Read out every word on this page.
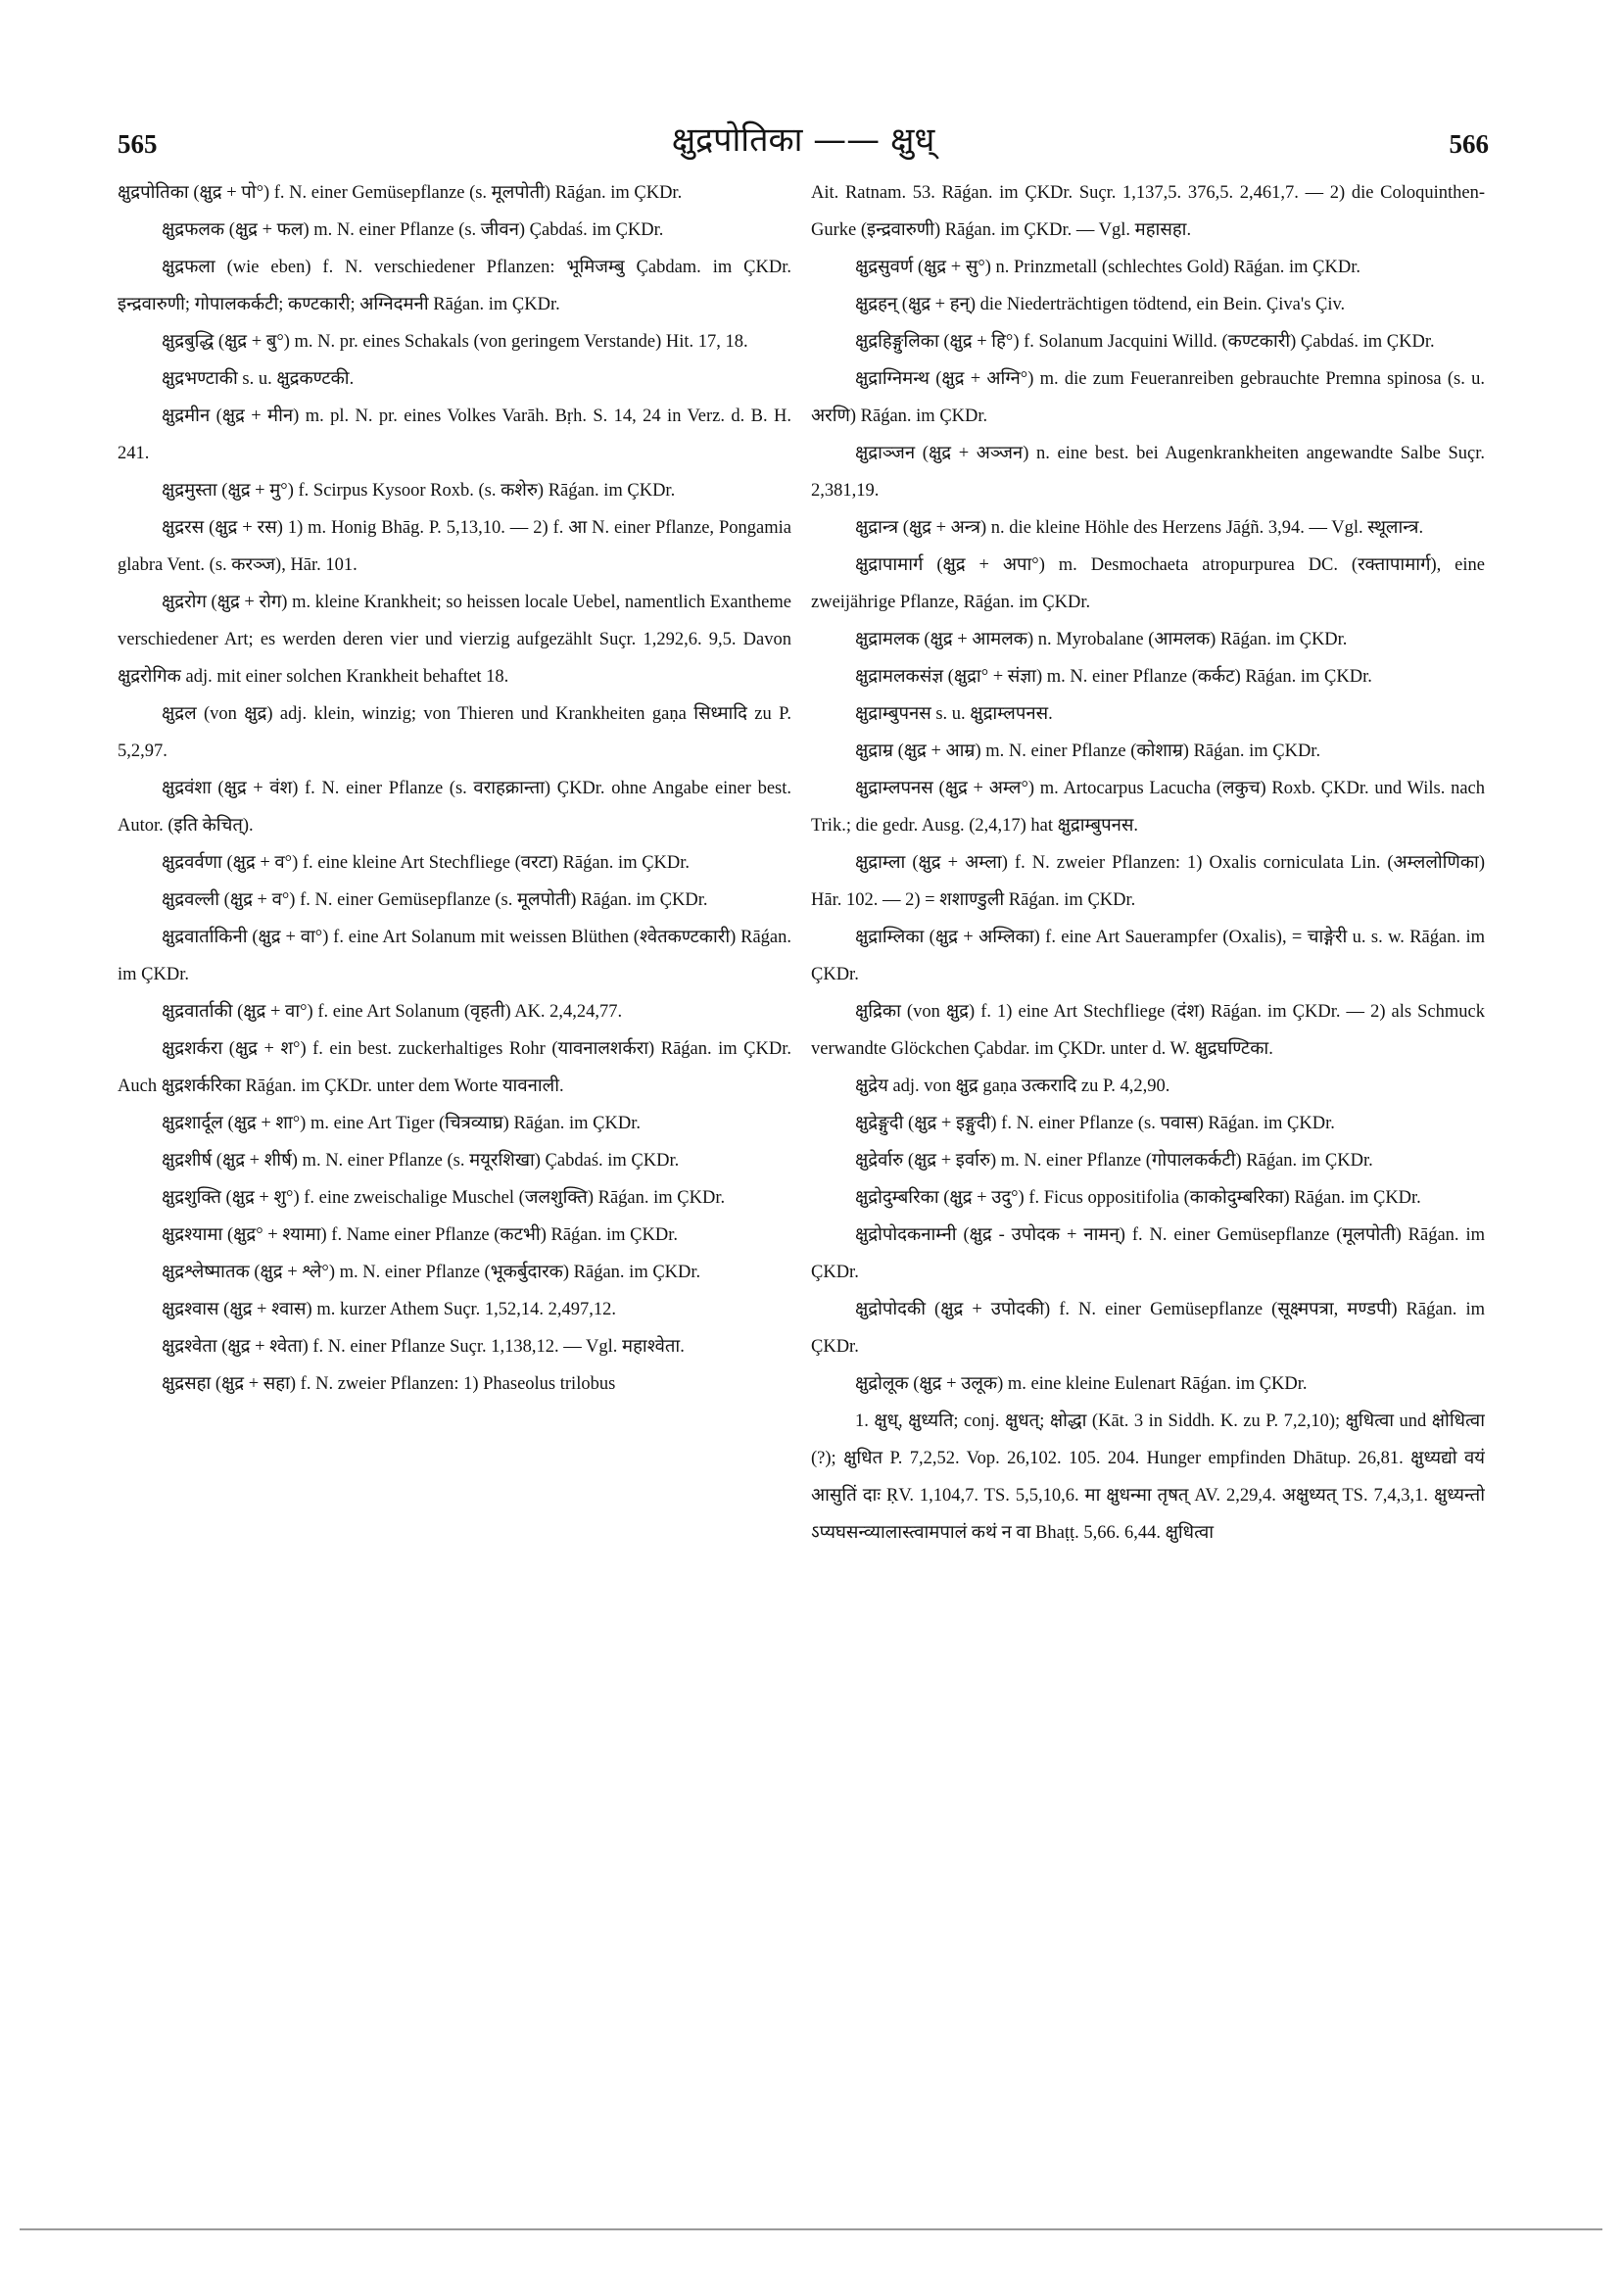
565	क्षुद्रपोतिका —— क्षुध्	566

क्षुद्रपोतिका (क्षुद्र + पो°) f. N. einer Gemüsepflanze (s. मूलपोती) Rāǵan. im ÇKDr.

क्षुद्रफलक (क्षुद्र + फल) m. N. einer Pflanze (s. जीवन) Çabdaś. im ÇKDr.

क्षुद्रफला (wie eben) f. N. verschiedener Pflanzen: भूमिजम्बु Çabdam. im ÇKDr. इन्द्रवारुणी; गोपालकर्कटी; कण्टकारी; अग्निदमनी Rāǵan. im ÇKDr.

क्षुद्रबुद्धि (क्षुद्र + बु°) m. N. pr. eines Schakals (von geringem Verstande) Hit. 17, 18.

क्षुद्रभण्टाकी s. u. क्षुद्रकण्टकी.

क्षुद्रमीन (क्षुद्र + मीन) m. pl. N. pr. eines Volkes Varāh. Bṛh. S. 14, 24 in Verz. d. B. H. 241.

क्षुद्रमुस्ता (क्षुद्र + मु°) f. Scirpus Kysoor Roxb. (s. कशेरु) Rāǵan. im ÇKDr.

क्षुद्ररस (क्षुद्र + रस) 1) m. Honig Bhāg. P. 5,13,10. — 2) f. आ N. einer Pflanze, Pongamia glabra Vent. (s. करञ्ज), Hār. 101.

क्षुद्ररोग (क्षुद्र + रोग) m. kleine Krankheit; so heissen locale Uebel, namentlich Exantheme verschiedener Art; es werden deren vier und vierzig aufgezählt Suçr. 1,292,6. 9,5. Davon क्षुद्ररोगिक adj. mit einer solchen Krankheit behaftet 18.

क्षुद्रल (von क्षुद्र) adj. klein, winzig; von Thieren und Krankheiten gaṇa सिध्मादि zu P. 5,2,97.

क्षुद्रवंशा (क्षुद्र + वंश) f. N. einer Pflanze (s. वराहक्रान्ता) ÇKDr. ohne Angabe einer best. Autor. (इति केचित्).

क्षुद्रवर्वणा (क्षुद्र + व°) f. eine kleine Art Stechfliege (वरटा) Rāǵan. im ÇKDr.

क्षुद्रवल्ली (क्षुद्र + व°) f. N. einer Gemüsepflanze (s. मूलपोती) Rāǵan. im ÇKDr.

क्षुद्रवार्ताकिनी (क्षुद्र + वा°) f. eine Art Solanum mit weissen Blüthen (श्वेतकण्टकारी) Rāǵan. im ÇKDr.

क्षुद्रवार्ताकी (क्षुद्र + वा°) f. eine Art Solanum (वृहती) AK. 2,4,24,77.

क्षुद्रशर्करा (क्षुद्र + श°) f. ein best. zuckerhaltiges Rohr (यावनालशर्करा) Rāǵan. im ÇKDr. Auch क्षुद्रशर्करिका Rāǵan. im ÇKDr. unter dem Worte यावनाली.

क्षुद्रशार्दूल (क्षुद्र + शा°) m. eine Art Tiger (चित्रव्याघ्र) Rāǵan. im ÇKDr.

क्षुद्रशीर्ष (क्षुद्र + शीर्ष) m. N. einer Pflanze (s. मयूरशिखा) Çabdaś. im ÇKDr.

क्षुद्रशुक्ति (क्षुद्र + शु°) f. eine zweischalige Muschel (जलशुक्ति) Rāǵan. im ÇKDr.

क्षुद्रश्यामा (क्षुद्र° + श्यामा) f. Name einer Pflanze (कटभी) Rāǵan. im ÇKDr.

क्षुद्रश्लेष्मातक (क्षुद्र + श्ले°) m. N. einer Pflanze (भूकर्बुदारक) Rāǵan. im ÇKDr.

क्षुद्रश्वास (क्षुद्र + श्वास) m. kurzer Athem Suçr. 1,52,14. 2,497,12.

क्षुद्रश्वेता (क्षुद्र + श्वेता) f. N. einer Pflanze Suçr. 1,138,12. — Vgl. महाश्वेता.

क्षुद्रसहा (क्षुद्र + सहा) f. N. zweier Pflanzen: 1) Phaseolus trilobus

Ait. Ratnam. 53. Rāǵan. im ÇKDr. Suçr. 1,137,5. 376,5. 2,461,7. — 2) die Coloquinthen-Gurke (इन्द्रवारुणी) Rāǵan. im ÇKDr. — Vgl. महासहा.

क्षुद्रसुवर्ण (क्षुद्र + सु°) n. Prinzmetall (schlechtes Gold) Rāǵan. im ÇKDr.

क्षुद्रहन् (क्षुद्र + हन्) die Niederträchtigen tödtend, ein Bein. Çiva's Çiv.

क्षुद्रहिङ्गुलिका (क्षुद्र + हि°) f. Solanum Jacquini Willd. (कण्टकारी) Çabdaś. im ÇKDr.

क्षुद्राग्निमन्थ (क्षुद्र + अग्नि°) m. die zum Feueranreiben gebrauchte Premna spinosa (s. u. अरणि) Rāǵan. im ÇKDr.

क्षुद्राञ्जन (क्षुद्र + अञ्जन) n. eine best. bei Augenkrankheiten angewandte Salbe Suçr. 2,381,19.

क्षुद्रान्त्र (क्षुद्र + अन्त्र) n. die kleine Höhle des Herzens Jāǵñ. 3,94. — Vgl. स्थूलान्त्र.

क्षुद्रापामार्ग (क्षुद्र + अपा°) m. Desmochaeta atropurpurea DC. (रक्तापामार्ग), eine zweijährige Pflanze, Rāǵan. im ÇKDr.

क्षुद्रामलक (क्षुद्र + आमलक) n. Myrobalane (आमलक) Rāǵan. im ÇKDr.

क्षुद्रामलकसंज्ञ (क्षुद्रा° + संज्ञा) m. N. einer Pflanze (कर्कट) Rāǵan. im ÇKDr.

क्षुद्राम्बुपनस s. u. क्षुद्राम्लपनस.

क्षुद्राम्र (क्षुद्र + आम्र) m. N. einer Pflanze (कोशाम्र) Rāǵan. im ÇKDr.

क्षुद्राम्लपनस (क्षुद्र + अम्ल°) m. Artocarpus Lacucha (लकुच) Roxb. ÇKDr. und Wils. nach Trik.; die gedr. Ausg. (2,4,17) hat क्षुद्राम्बुपनस.

क्षुद्राम्ला (क्षुद्र + अम्ला) f. N. zweier Pflanzen: 1) Oxalis corniculata Lin. (अम्ललोणिका) Hār. 102. — 2) = शशाण्डुली Rāǵan. im ÇKDr.

क्षुद्राम्लिका (क्षुद्र + अम्लिका) f. eine Art Sauerampfer (Oxalis), = चाङ्गेरी u. s. w. Rāǵan. im ÇKDr.

क्षुद्रिका (von क्षुद्र) f. 1) eine Art Stechfliege (दंश) Rāǵan. im ÇKDr. — 2) als Schmuck verwandte Glöckchen Çabdar. im ÇKDr. unter d. W. क्षुद्रघण्टिका.

क्षुद्रेय adj. von क्षुद्र gaṇa उत्करादि zu P. 4,2,90.

क्षुद्रेङ्गुदी (क्षुद्र + इङ्गुदी) f. N. einer Pflanze (s. पवास) Rāǵan. im ÇKDr.

क्षुद्रेर्वारु (क्षुद्र + इर्वारु) m. N. einer Pflanze (गोपालकर्कटी) Rāǵan. im ÇKDr.

क्षुद्रोदुम्बरिका (क्षुद्र + उदु°) f. Ficus oppositifolia (काकोदुम्बरिका) Rāǵan. im ÇKDr.

क्षुद्रोपोदकनाम्नी (क्षुद्र - उपोदक + नामन्) f. N. einer Gemüsepflanze (मूलपोती) Rāǵan. im ÇKDr.

क्षुद्रोपोदकी (क्षुद्र + उपोदकी) f. N. einer Gemüsepflanze (सूक्ष्मपत्रा, मण्डपी) Rāǵan. im ÇKDr.

क्षुद्रोलूक (क्षुद्र + उलूक) m. eine kleine Eulenart Rāǵan. im ÇKDr.

1. क्षुध्, क्षुध्यति; conj. क्षुधत्; क्षोद्धा (Kāt. 3 in Siddh. K. zu P. 7,2,10); क्षुधित्वा und क्षोधित्वा (?); क्षुधित P. 7,2,52. Vop. 26,102. 105. 204. Hunger empfinden Dhātup. 26,81. क्षुध्यद्यो वयं आसुतिं दाः ṚV. 1,104,7. TS. 5,5,10,6. मा क्षुधन्मा तृषत् AV. 2,29,4. अक्षुध्यत् TS. 7,4,3,1. क्षुध्यन्तो ऽप्यघसन्व्यालास्त्वामपालं कथं न वा Bhaṭṭ. 5,66. 6,44. क्षुधित्वा
